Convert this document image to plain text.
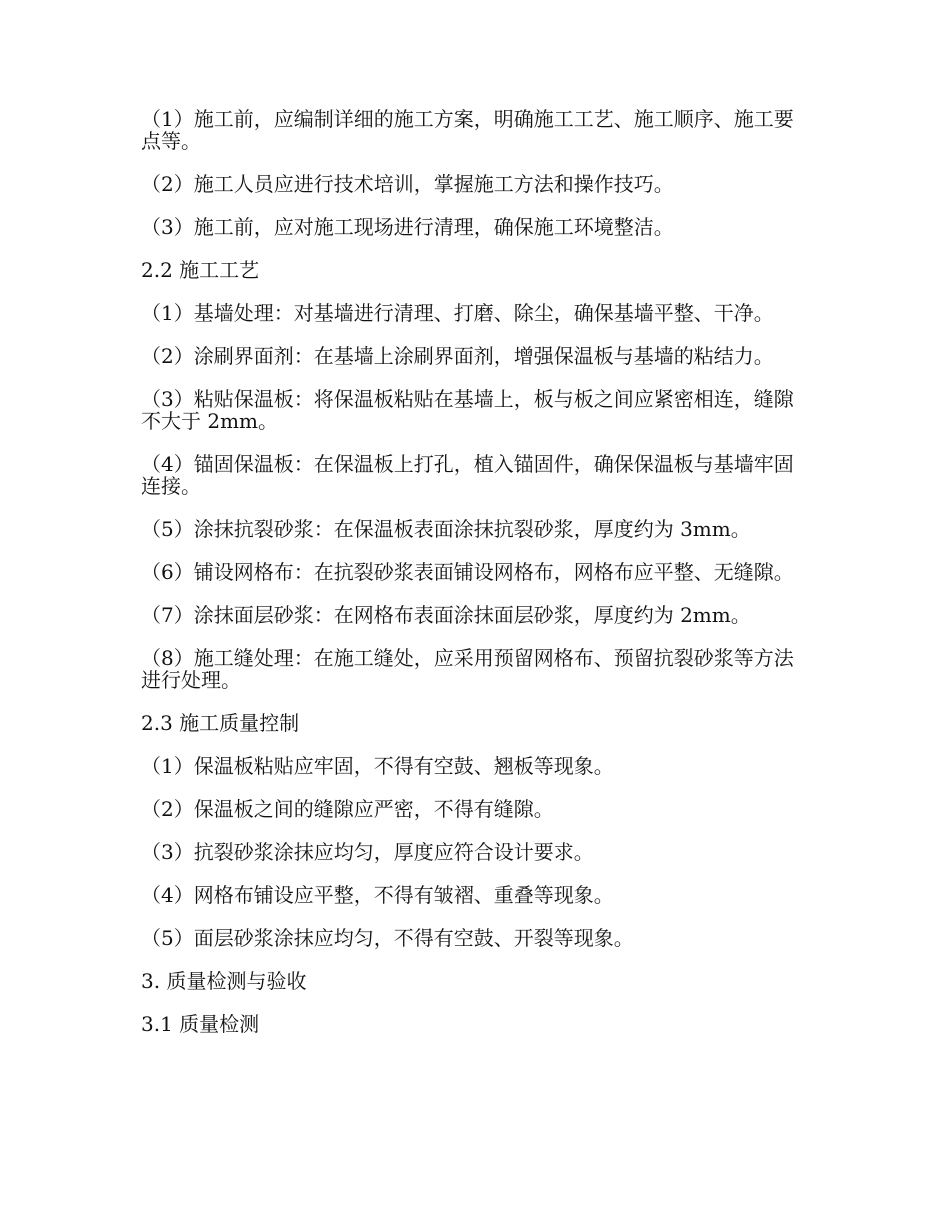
（1）施工前，应编制详细的施工方案，明确施工工艺、施工顺序、施工要点等。

（2）施工人员应进行技术培训，掌握施工方法和操作技巧。

（3）施工前，应对施工现场进行清理，确保施工环境整洁。

2.2 施工工艺

（1）基墙处理：对基墙进行清理、打磨、除尘，确保基墙平整、干净。

（2）涂刷界面剂：在基墙上涂刷界面剂，增强保温板与基墙的粘结力。

（3）粘贴保温板：将保温板粘贴在基墙上，板与板之间应紧密相连，缝隙不大于 2mm。

（4）锚固保温板：在保温板上打孔，植入锚固件，确保保温板与基墙牢固连接。

（5）涂抹抗裂砂浆：在保温板表面涂抹抗裂砂浆，厚度约为 3mm。

（6）铺设网格布：在抗裂砂浆表面铺设网格布，网格布应平整、无缝隙。

（7）涂抹面层砂浆：在网格布表面涂抹面层砂浆，厚度约为 2mm。

（8）施工缝处理：在施工缝处，应采用预留网格布、预留抗裂砂浆等方法进行处理。

2.3 施工质量控制

（1）保温板粘贴应牢固，不得有空鼓、翘板等现象。

（2）保温板之间的缝隙应严密，不得有缝隙。

（3）抗裂砂浆涂抹应均匀，厚度应符合设计要求。

（4）网格布铺设应平整，不得有皱褶、重叠等现象。

（5）面层砂浆涂抹应均匀，不得有空鼓、开裂等现象。

3. 质量检测与验收

3.1 质量检测
